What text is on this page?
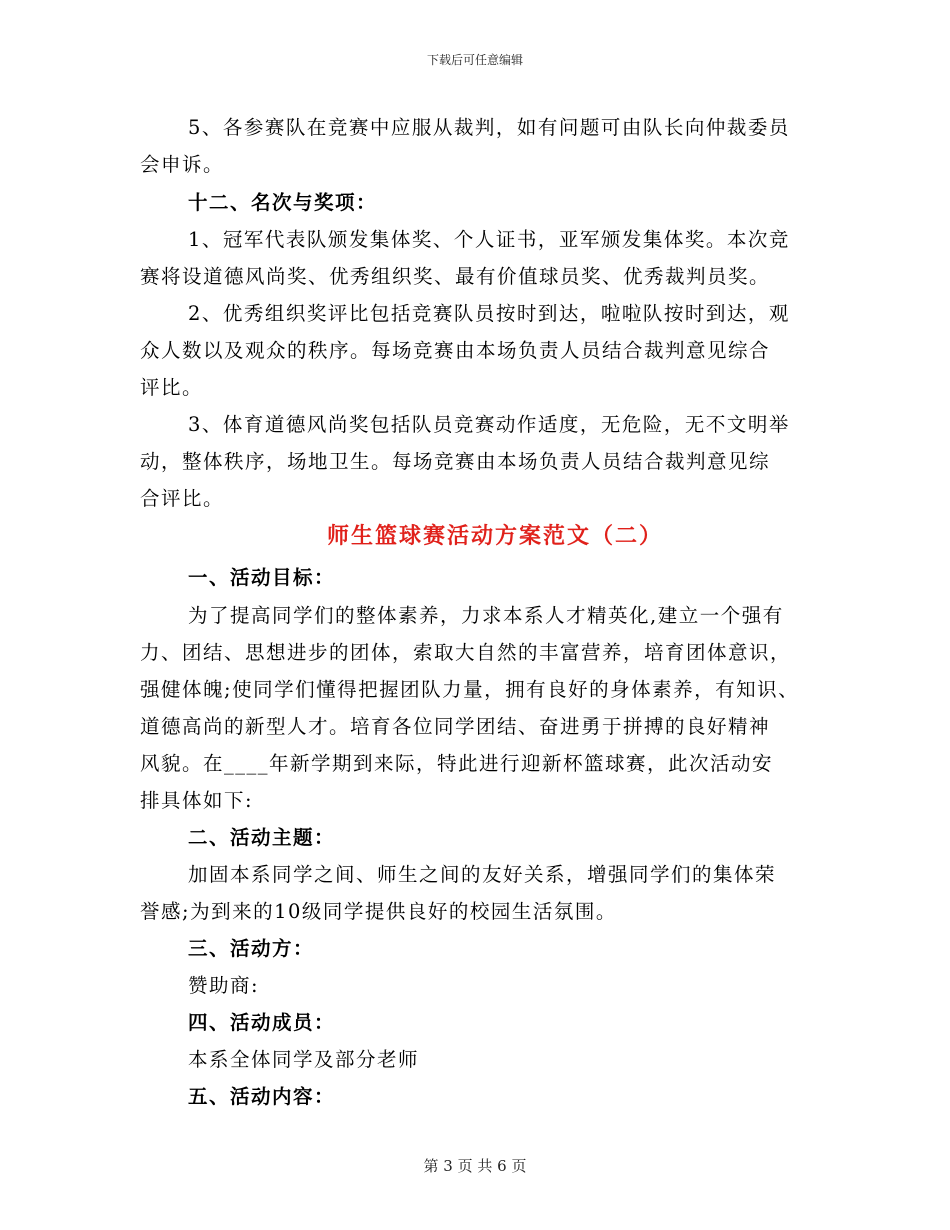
下载后可任意编辑
5、各参赛队在竞赛中应服从裁判，如有问题可由队长向仲裁委员
会申诉。
十二、名次与奖项：
1、冠军代表队颁发集体奖、个人证书，亚军颁发集体奖。本次竞
赛将设道德风尚奖、优秀组织奖、最有价值球员奖、优秀裁判员奖。
2、优秀组织奖评比包括竞赛队员按时到达，啦啦队按时到达，观
众人数以及观众的秩序。每场竞赛由本场负责人员结合裁判意见综合
评比。
3、体育道德风尚奖包括队员竞赛动作适度，无危险，无不文明举
动，整体秩序，场地卫生。每场竞赛由本场负责人员结合裁判意见综
合评比。
师生篮球赛活动方案范文（二）
一、活动目标：
为了提高同学们的整体素养，力求本系人才精英化,建立一个强有
力、团结、思想进步的团体，索取大自然的丰富营养，培育团体意识，
强健体魄;使同学们懂得把握团队力量，拥有良好的身体素养，有知识、
道德高尚的新型人才。培育各位同学团结、奋进勇于拼搏的良好精神
风貌。在____年新学期到来际，特此进行迎新杯篮球赛，此次活动安
排具体如下:
二、活动主题：
加固本系同学之间、师生之间的友好关系，增强同学们的集体荣
誉感;为到来的10级同学提供良好的校园生活氛围。
三、活动方：
赞助商:
四、活动成员：
本系全体同学及部分老师
五、活动内容：
第 3 页 共 6 页
